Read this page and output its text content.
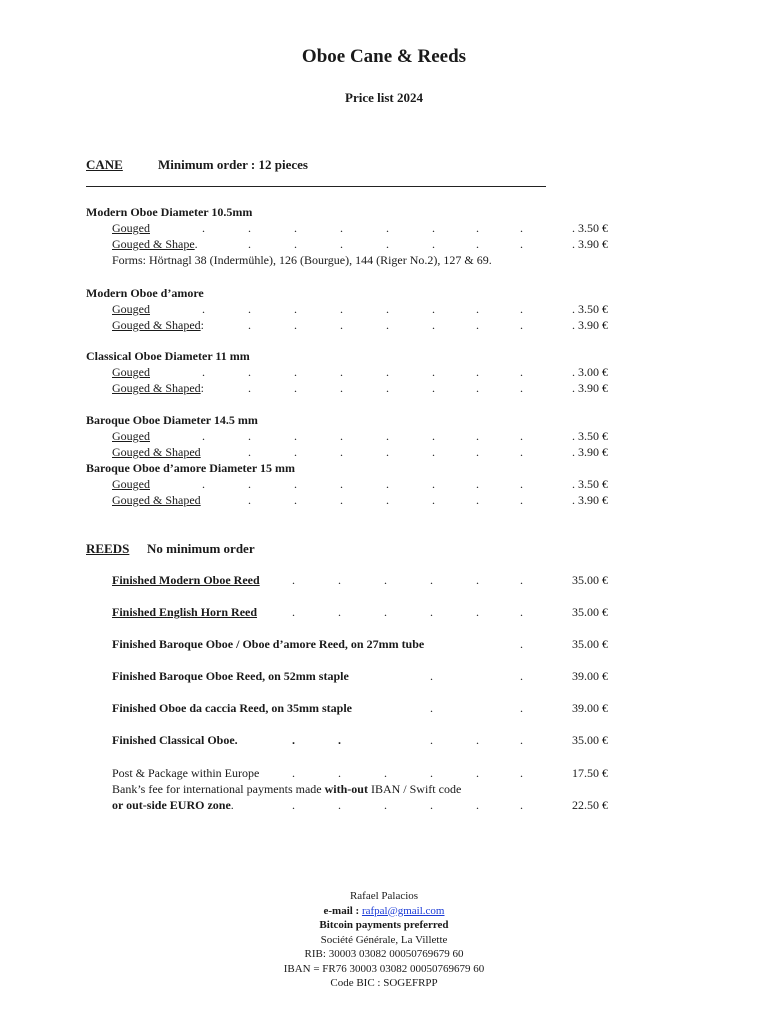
Oboe Cane & Reeds
Price list 2024
CANE	Minimum order : 12 pieces
Modern Oboe Diameter 10.5mm
Gouged	.	.	.	.	.	.	.	.	. 3.50 €
Gouged & Shape.	.	.	.	.	.	.	.	. 3.90 €
Forms: Hörtnagl 38 (Indermühle), 126 (Bourgue), 144 (Riger No.2), 127 & 69.
Modern Oboe d’amore
Gouged	.	.	.	.	.	.	.	.	. 3.50 €
Gouged & Shaped:	.	.	.	.	.	.	.	. 3.90 €
Classical Oboe Diameter 11 mm
Gouged	.	.	.	.	.	.	.	.	. 3.00 €
Gouged & Shaped:	.	.	.	.	.	.	.	. 3.90 €
Baroque Oboe Diameter 14.5 mm
Gouged	.	.	.	.	.	.	.	.	. 3.50 €
Gouged & Shaped	.	.	.	.	.	.	.	. 3.90 €
Baroque Oboe d’amore Diameter 15 mm
Gouged	.	.	.	.	.	.	.	.	. 3.50 €
Gouged & Shaped	.	.	.	.	.	.	.	. 3.90 €
REEDS No minimum order
Finished Modern Oboe Reed	.	.	.	.	.	.	35.00 €
Finished English Horn Reed	.	.	.	.	.	.	35.00 €
Finished Baroque Oboe / Oboe d’amore Reed, on 27mm tube	.	35.00 €
Finished Baroque Oboe Reed, on 52mm staple	.	.	39.00 €
Finished Oboe da caccia Reed, on 35mm staple	.	.	39.00 €
Finished Classical Oboe.	.	.	.	.	.	35.00 €
Post & Package within Europe	.	.	.	.	.	.	17.50 €
Bank’s fee for international payments made with-out IBAN / Swift code
or out-side EURO zone.	.	.	.	.	.	.	22.50 €
Rafael Palacios
e-mail : rafpal@gmail.com
Bitcoin payments preferred
Société Générale, La Villette
RIB: 30003 03082 00050769679 60
IBAN = FR76 30003 03082 00050769679 60
Code BIC : SOGEFRPP
